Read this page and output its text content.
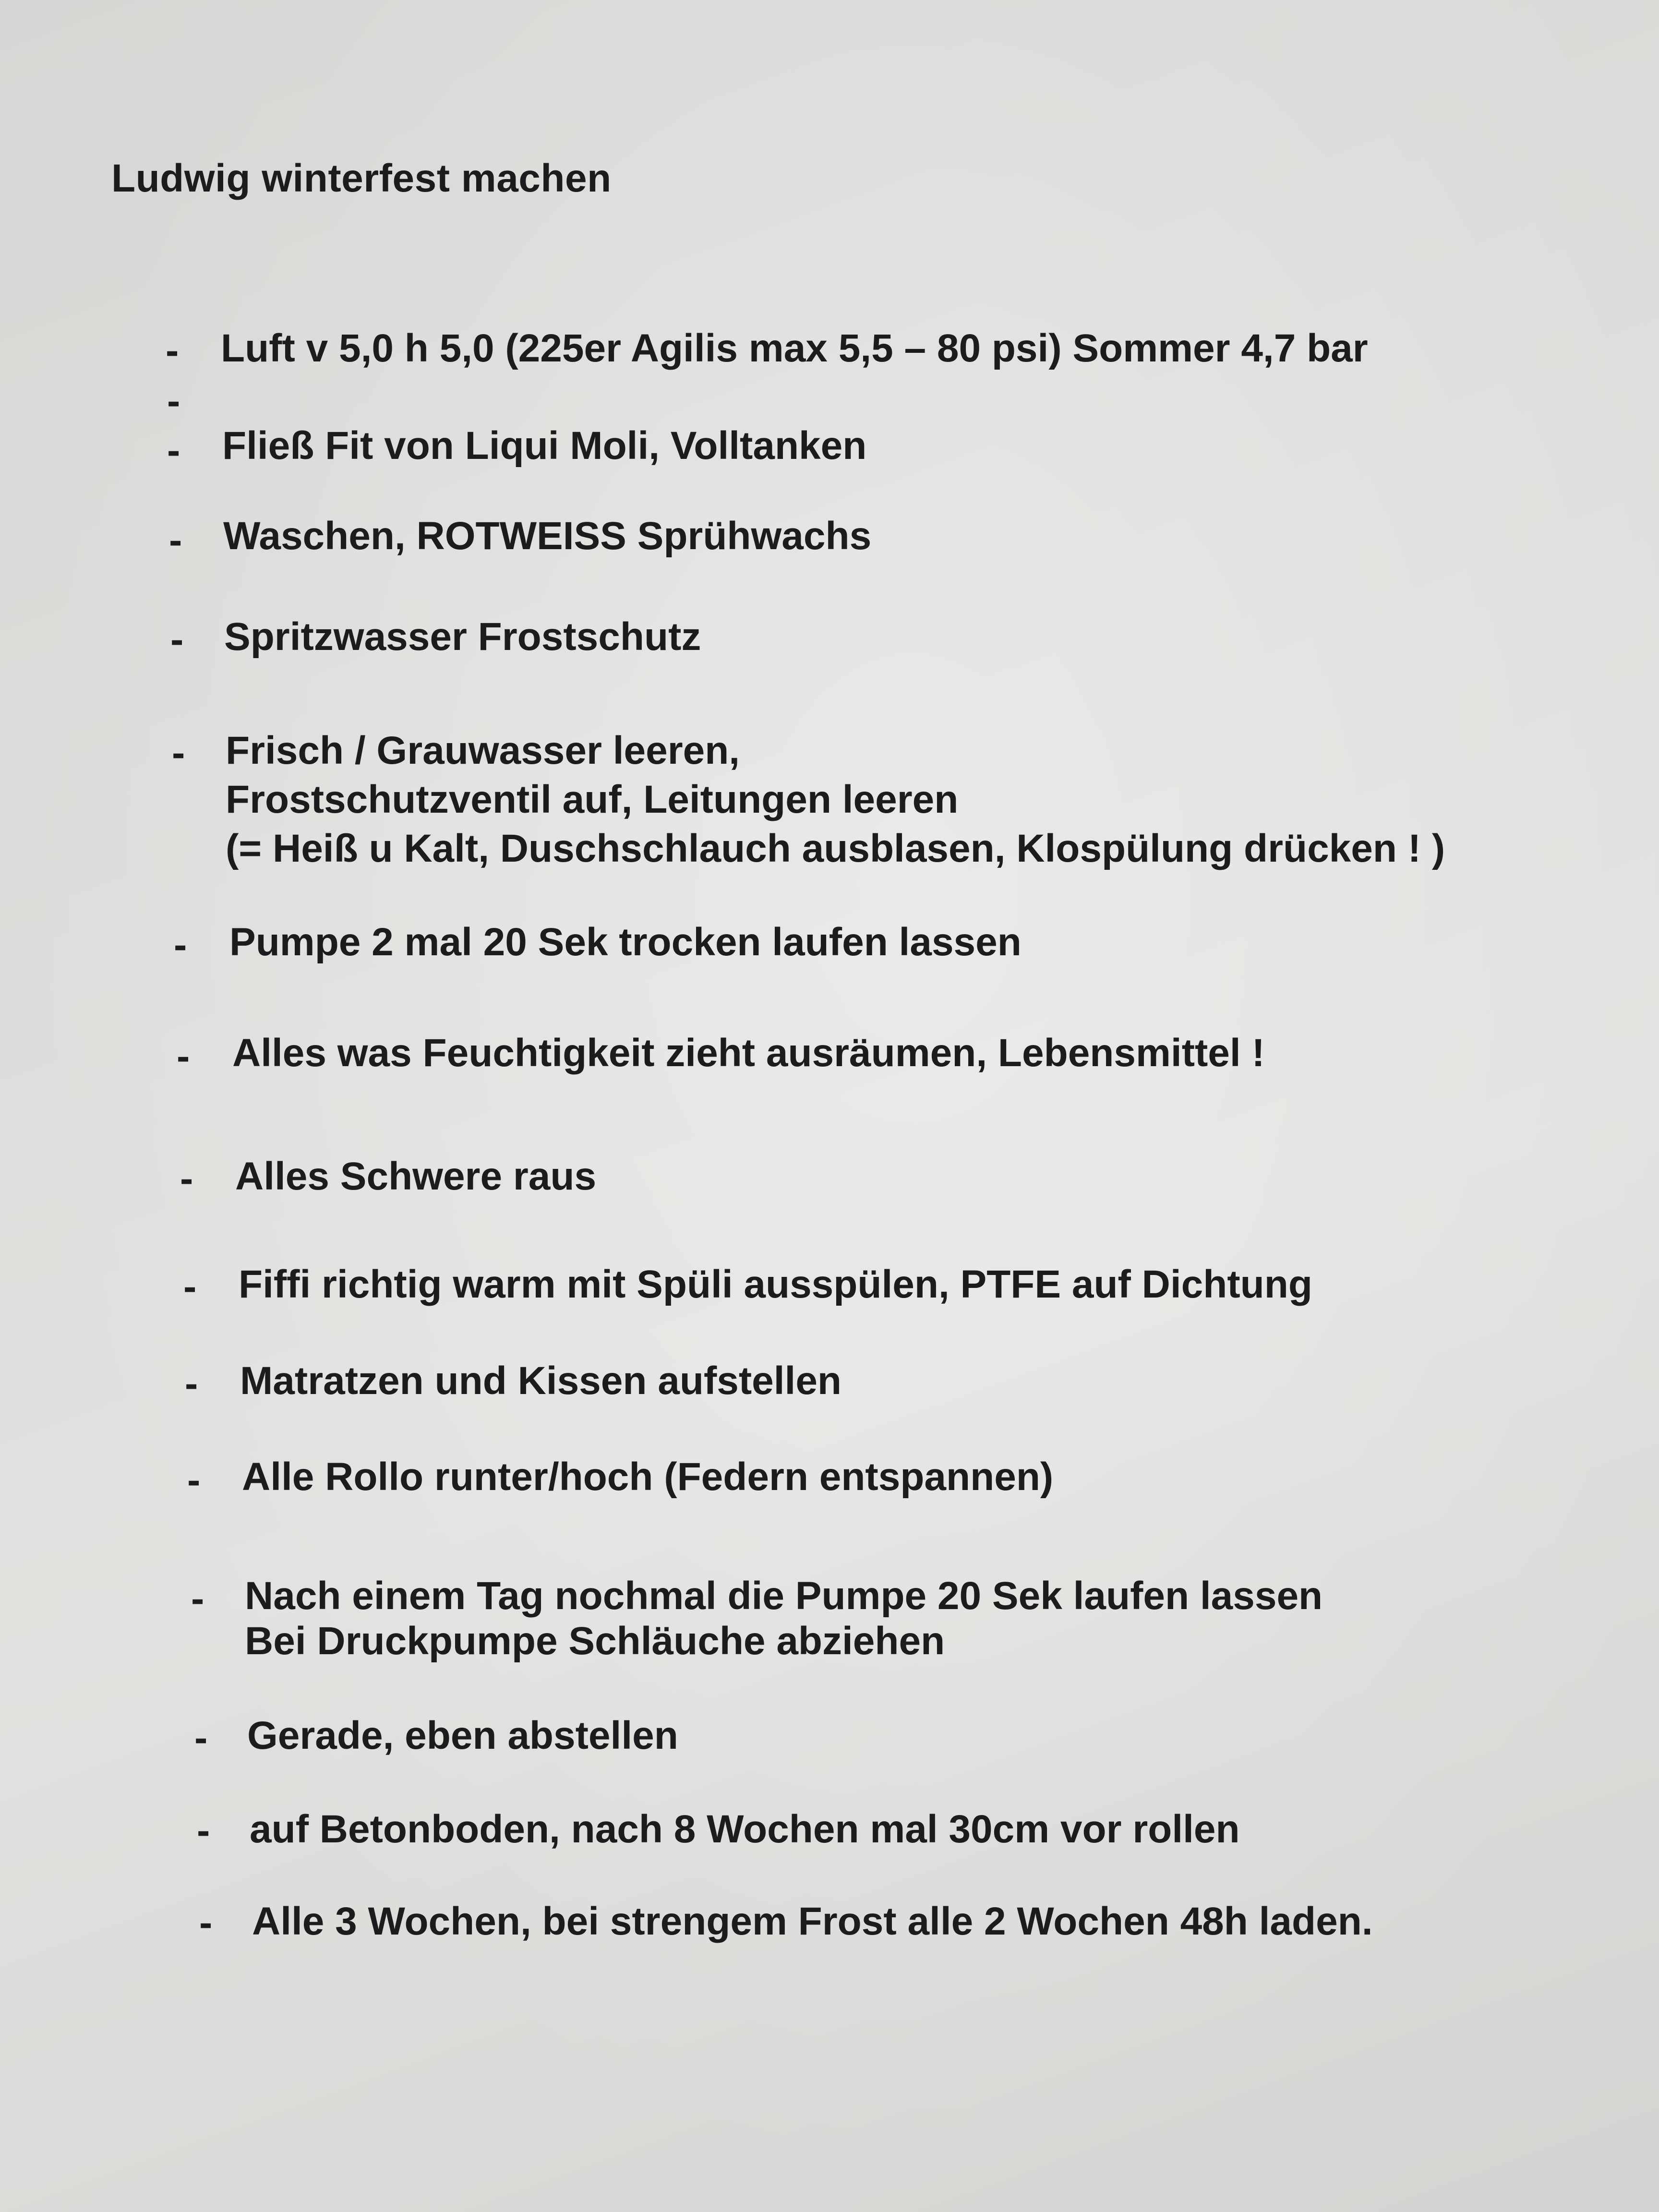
Ludwig winterfest machen
- Luft v 5,0 h 5,0 (225er Agilis max 5,5 – 80 psi) Sommer 4,7 bar
-
- Fließ Fit von Liqui Moli, Volltanken
- Waschen, ROTWEISS Sprühwachs
- Spritzwasser Frostschutz
- Frisch / Grauwasser leeren,
Frostschutzventil auf, Leitungen leeren
(= Heiß u Kalt, Duschschlauch ausblasen, Klospülung drücken ! )
- Pumpe 2 mal 20 Sek trocken laufen lassen
- Alles was Feuchtigkeit zieht ausräumen, Lebensmittel !
- Alles Schwere raus
- Fiffi richtig warm mit Spüli ausspülen, PTFE auf Dichtung
- Matratzen und Kissen aufstellen
- Alle Rollo runter/hoch (Federn entspannen)
- Nach einem Tag nochmal die Pumpe 20 Sek laufen lassen
Bei Druckpumpe Schläuche abziehen
- Gerade, eben abstellen
- auf Betonboden, nach 8 Wochen mal 30cm vor rollen
- Alle 3 Wochen, bei strengem Frost alle 2 Wochen 48h laden.
